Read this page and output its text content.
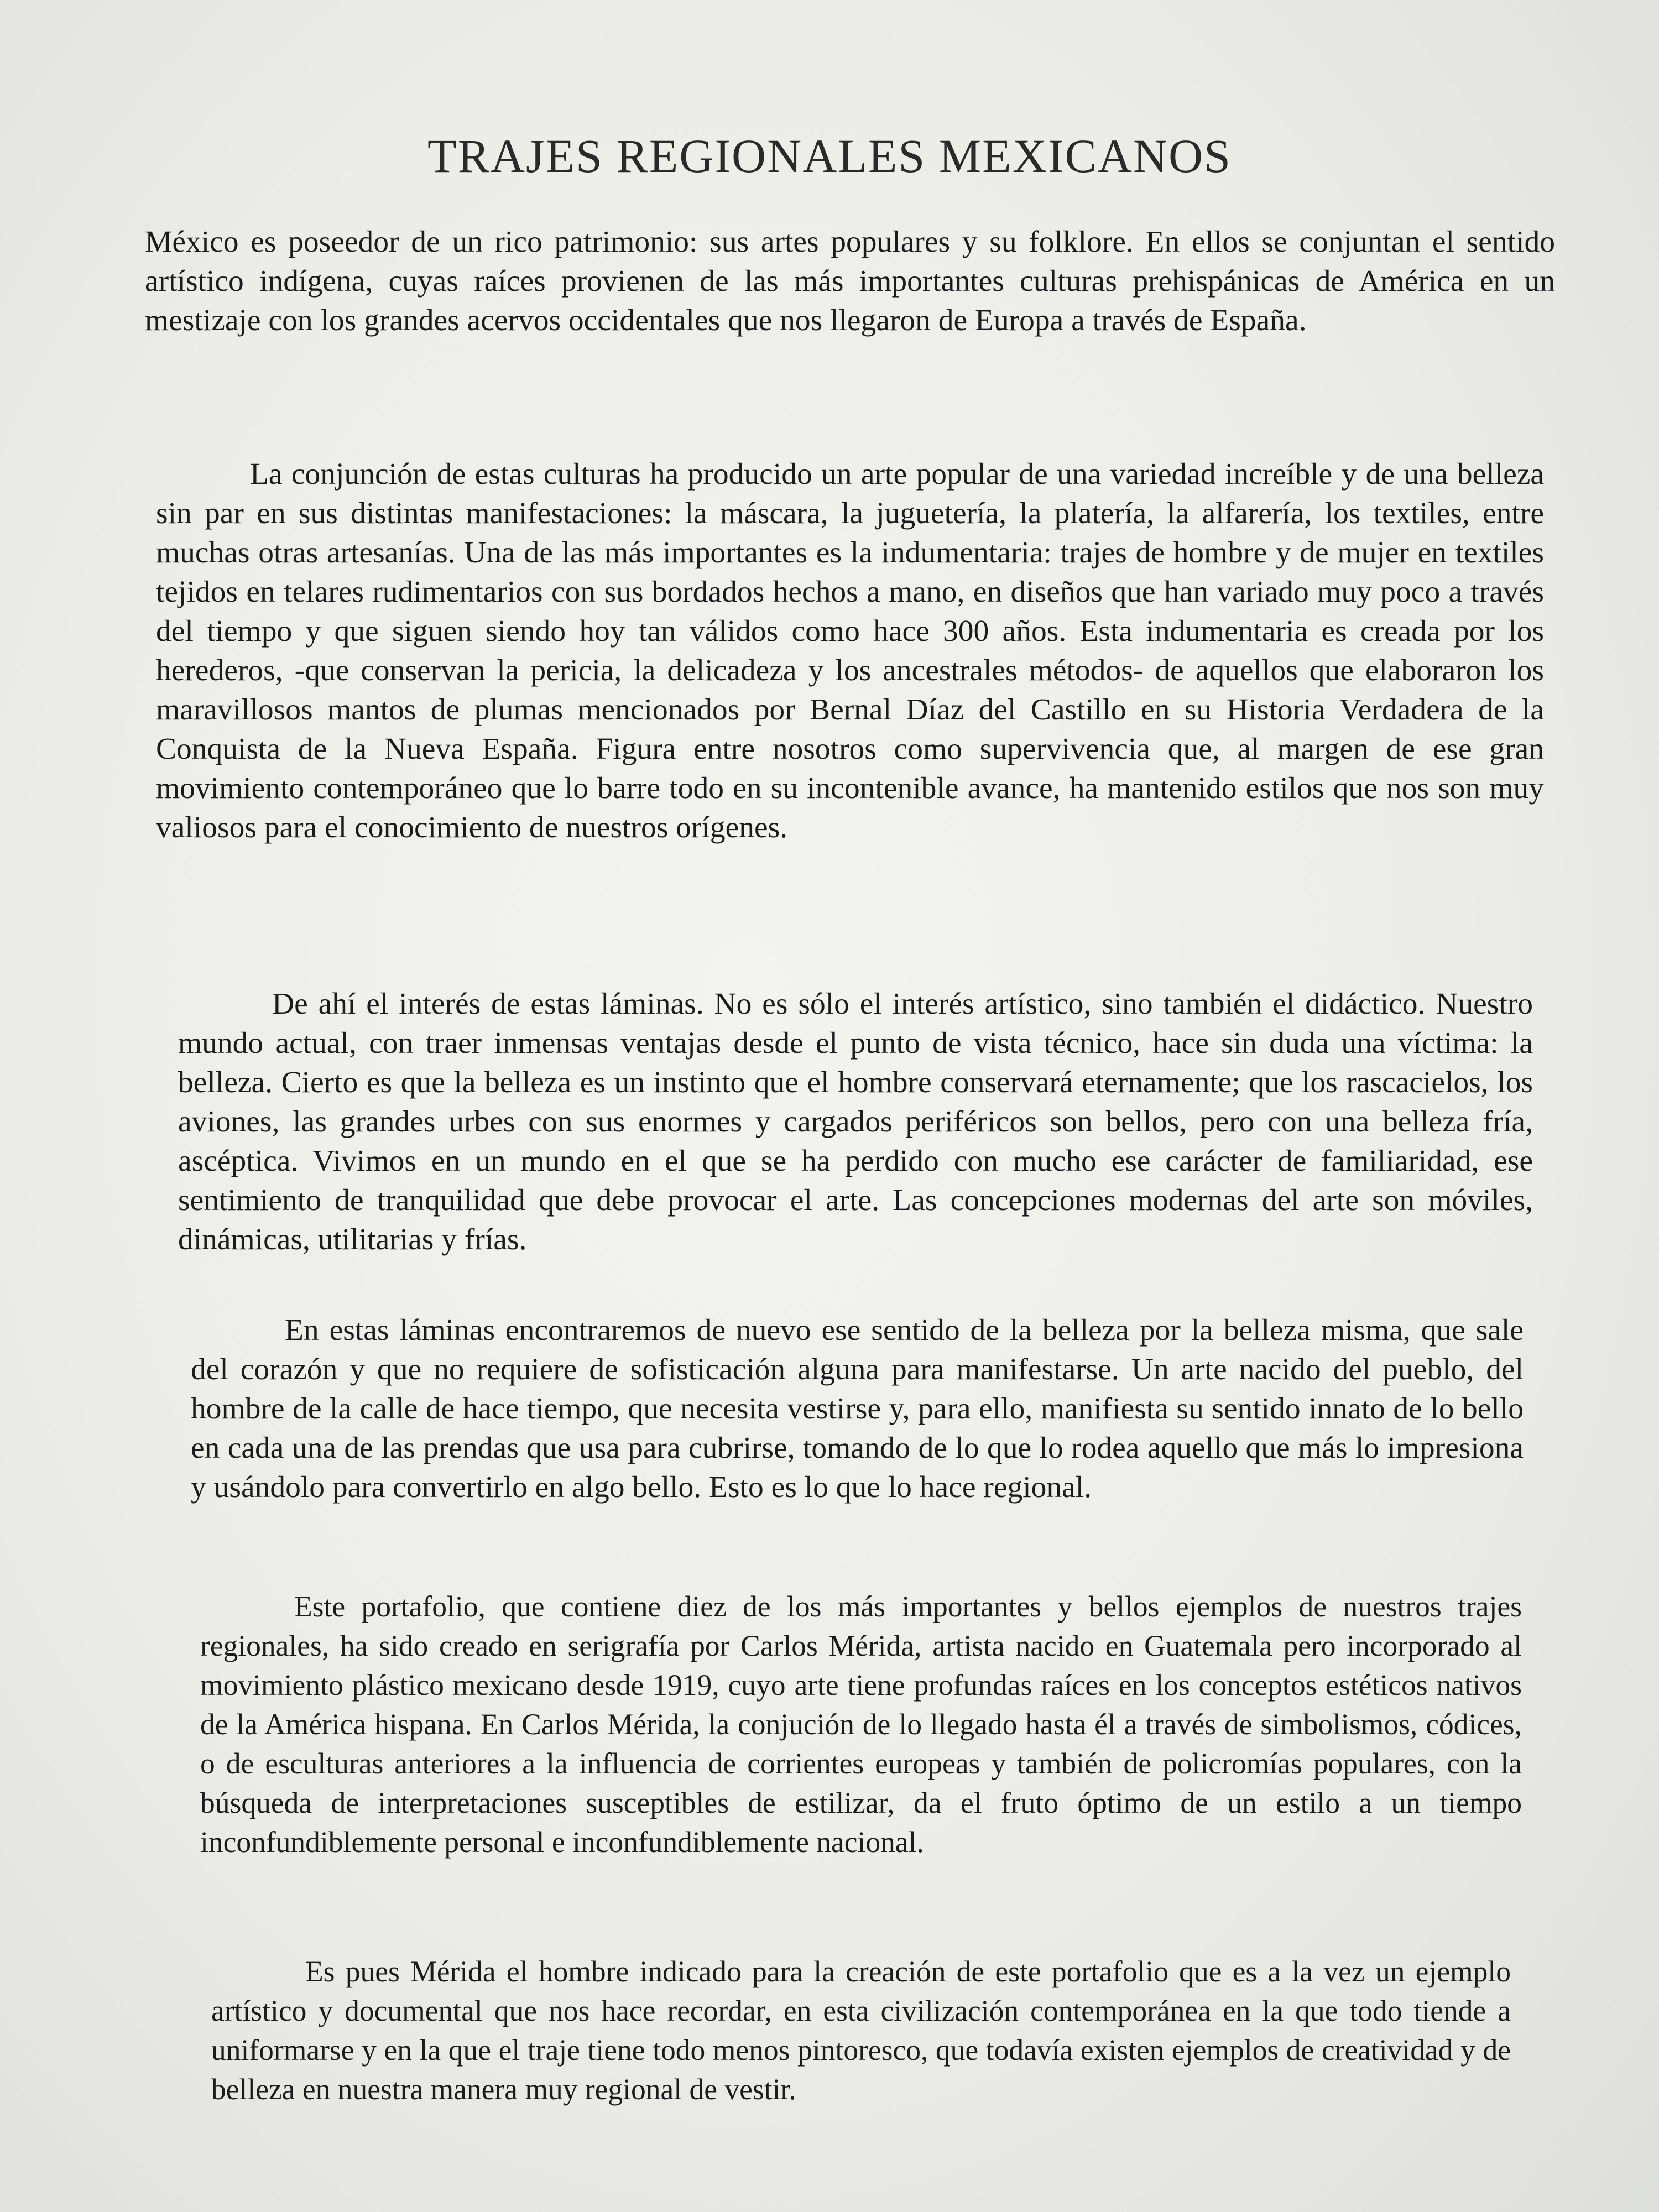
TRAJES REGIONALES MEXICANOS

México es poseedor de un rico patrimonio: sus artes populares y su folklore. En ellos se conjuntan el sentido artístico indígena, cuyas raíces provienen de las más importantes culturas prehispánicas de América en un mestizaje con los grandes acervos occidentales que nos llegaron de Europa a través de España.

La conjunción de estas culturas ha producido un arte popular de una variedad increíble y de una belleza sin par en sus distintas manifestaciones: la máscara, la juguetería, la platería, la alfarería, los textiles, entre muchas otras artesanías. Una de las más importantes es la indumentaria: trajes de hombre y de mujer en textiles tejidos en telares rudimentarios con sus bordados hechos a mano, en diseños que han variado muy poco a través del tiempo y que siguen siendo hoy tan válidos como hace 300 años. Esta indumentaria es creada por los herederos, -que conservan la pericia, la delicadeza y los ancestrales métodos- de aquellos que elaboraron los maravillosos mantos de plumas mencionados por Bernal Díaz del Castillo en su Historia Verdadera de la Conquista de la Nueva España. Figura entre nosotros como supervivencia que, al margen de ese gran movimiento contemporáneo que lo barre todo en su incontenible avance, ha mantenido estilos que nos son muy valiosos para el conocimiento de nuestros orígenes.

De ahí el interés de estas láminas. No es sólo el interés artístico, sino también el didáctico. Nuestro mundo actual, con traer inmensas ventajas desde el punto de vista técnico, hace sin duda una víctima: la belleza. Cierto es que la belleza es un instinto que el hombre conservará eternamente; que los rascacielos, los aviones, las grandes urbes con sus enormes y cargados periféricos son bellos, pero con una belleza fría, ascéptica. Vivimos en un mundo en el que se ha perdido con mucho ese carácter de familiaridad, ese sentimiento de tranquilidad que debe provocar el arte. Las concepciones modernas del arte son móviles, dinámicas, utilitarias y frías.

En estas láminas encontraremos de nuevo ese sentido de la belleza por la belleza misma, que sale del corazón y que no requiere de sofisticación alguna para manifestarse. Un arte nacido del pueblo, del hombre de la calle de hace tiempo, que necesita vestirse y, para ello, manifiesta su sentido innato de lo bello en cada una de las prendas que usa para cubrirse, tomando de lo que lo rodea aquello que más lo impresiona y usándolo para convertirlo en algo bello. Esto es lo que lo hace regional.

Este portafolio, que contiene diez de los más importantes y bellos ejemplos de nuestros trajes regionales, ha sido creado en serigrafía por Carlos Mérida, artista nacido en Guatemala pero incorporado al movimiento plástico mexicano desde 1919, cuyo arte tiene profundas raíces en los conceptos estéticos nativos de la América hispana. En Carlos Mérida, la conjución de lo llegado hasta él a través de simbolismos, códices, o de esculturas anteriores a la influencia de corrientes europeas y también de policromías populares, con la búsqueda de interpretaciones susceptibles de estilizar, da el fruto óptimo de un estilo a un tiempo inconfundiblemente personal e inconfundiblemente nacional.

Es pues Mérida el hombre indicado para la creación de este portafolio que es a la vez un ejemplo artístico y documental que nos hace recordar, en esta civilización contemporánea en la que todo tiende a uniformarse y en la que el traje tiene todo menos pintoresco, que todavía existen ejemplos de creatividad y de belleza en nuestra manera muy regional de vestir.
